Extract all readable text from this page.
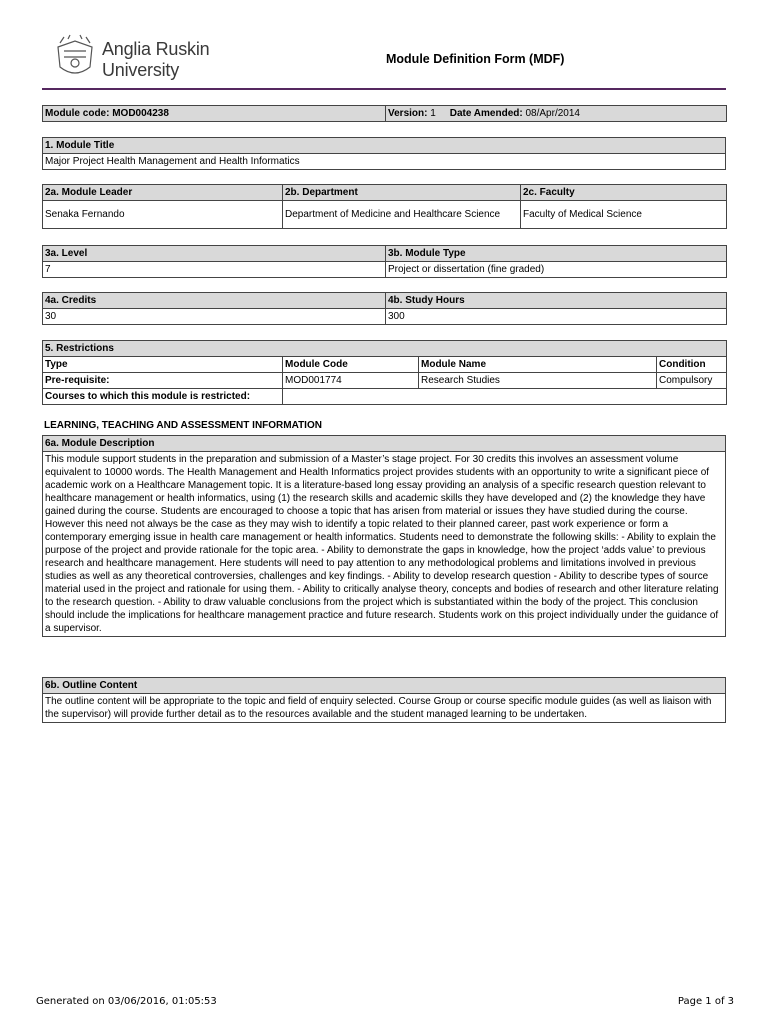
Anglia Ruskin
University
Module Definition Form (MDF)
Module code: MOD004238	Version: 1 Date Amended: 08/Apr/2014
1. Module Title
Major Project Health Management and Health Informatics
2a. Module Leader	2b. Department	2c. Faculty
Senaka Fernando	Department of Medicine and Healthcare Science	Faculty of Medical Science
3a. Level	3b. Module Type
7	Project or dissertation (fine graded)
4a. Credits	4b. Study Hours
30	300
5. Restrictions			
Type	Module Code	Module Name	Condition
Pre-requisite:	MOD001774	Research Studies	Compulsory
Courses to which this module is restricted:			
LEARNING, TEACHING AND ASSESSMENT INFORMATION
6a. Module Description
This module support students in the preparation and submission of a Master’s stage project. For 30 credits this involves an assessment volume equivalent to 10000 words. The Health Management and Health Informatics project provides students with an opportunity to write a significant piece of academic work on a Healthcare Management topic. It is a literature-based long essay providing an analysis of a specific research question relevant to healthcare management or health informatics, using (1) the research skills and academic skills they have developed and (2) the knowledge they have gained during the course. Students are encouraged to choose a topic that has arisen from material or issues they have studied during the course. However this need not always be the case as they may wish to identify a topic related to their planned career, past work experience or form a contemporary emerging issue in health care management or health informatics. Students need to demonstrate the following skills: - Ability to explain the purpose of the project and provide rationale for the topic area. - Ability to demonstrate the gaps in knowledge, how the project ‘adds value’ to previous research and healthcare management. Here students will need to pay attention to any methodological problems and limitations involved in previous studies as well as any theoretical controversies, challenges and key findings. - Ability to develop research question - Ability to describe types of source material used in the project and rationale for using them. - Ability to critically analyse theory, concepts and bodies of research and other literature relating to the research question. - Ability to draw valuable conclusions from the project which is substantiated within the body of the project. This conclusion should include the implications for healthcare management practice and future research. Students work on this project individually under the guidance of a supervisor.
6b. Outline Content
The outline content will be appropriate to the topic and field of enquiry selected. Course Group or course specific module guides (as well as liaison with the supervisor) will provide further detail as to the resources available and the student managed learning to be undertaken.
Generated on 03/06/2016, 01:05:53	Page 1 of 3
